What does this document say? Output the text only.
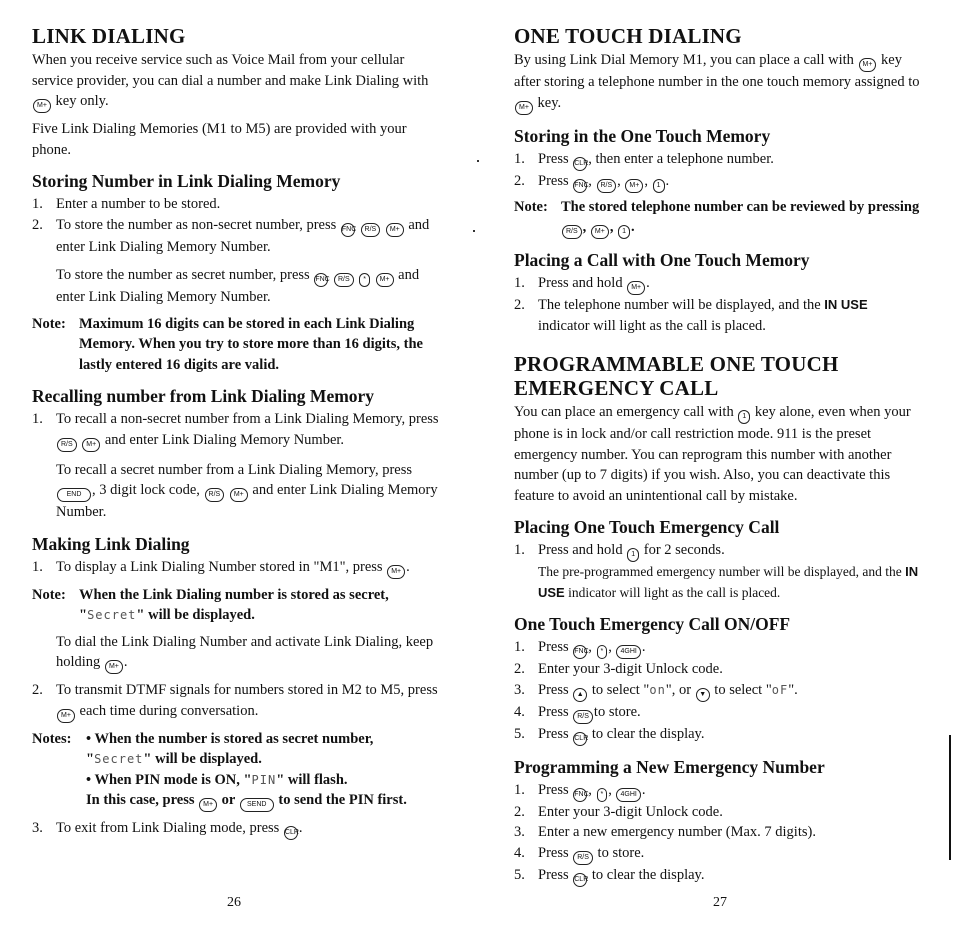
LINK DIALING

When you receive service such as Voice Mail from your cellular service provider, you can dial a number and make Link Dialing with M+ key only.

Five Link Dialing Memories (M1 to M5) are provided with your phone.

Storing Number in Link Dialing Memory
1. Enter a number to be stored.
2. To store the number as non-secret number, press FNC R/S M+ and enter Link Dialing Memory Number.

To store the number as secret number, press FNC R/S * M+ and enter Link Dialing Memory Number.

Note: Maximum 16 digits can be stored in each Link Dialing Memory. When you try to store more than 16 digits, the lastly entered 16 digits are valid.
Recalling number from Link Dialing Memory
1. To recall a non-secret number from a Link Dialing Memory, press R/S M+ and enter Link Dialing Memory Number.

To recall a secret number from a Link Dialing Memory, press END , 3 digit lock code, R/S M+ and enter Link Dialing Memory Number.

Making Link Dialing
1. To display a Link Dialing Number stored in "M1", press M+ .
Note: When the Link Dialing number is stored as secret, "Secret" will be displayed.

To dial the Link Dialing Number and activate Link Dialing, keep holding M+ .

2. To transmit DTMF signals for numbers stored in M2 to M5, press M+ each time during conversation.
Notes:	• When the number is stored as secret number, "Secret" will be displayed.
• When PIN mode is ON, "PIN" will flash.
In this case, press M+ or SEND to send the PIN first.
3. To exit from Link Dialing mode, press CLR.
ONE TOUCH DIALING

By using Link Dial Memory M1, you can place a call with M+ key after storing a telephone number in the one touch memory assigned to M+ key.

Storing in the One Touch Memory
1. Press CLR, then enter a telephone number.
2. Press FNC, R/S , M+ , 1 .
Note: The stored telephone number can be reviewed by pressing R/S , M+ , 1 .
Placing a Call with One Touch Memory
1. Press and hold M+ .
2. The telephone number will be displayed, and the IN USE indicator will light as the call is placed.
PROGRAMMABLE ONE TOUCH EMERGENCY CALL

You can place an emergency call with 1 key alone, even when your phone is in lock and/or call restriction mode. 911 is the preset emergency number. You can reprogram this number with another number (up to 7 digits) if you wish. Also, you can deactivate this feature to avoid an unintentional call by mistake.

Placing One Touch Emergency Call
1. Press and hold 1 for 2 seconds.
The pre-programmed emergency number will be displayed, and the IN USE indicator will light as the call is placed.
One Touch Emergency Call ON/OFF
1. Press FNC, * , 4GHI .
2. Enter your 3-digit Unlock code.
3. Press ▲ to select "on", or ▼ to select "oF".
4. Press R/S to store.
5. Press CLR to clear the display.
Programming a New Emergency Number
1. Press FNC, * , 4GHI .
2. Enter your 3-digit Unlock code.
3. Enter a new emergency number (Max. 7 digits).
4. Press R/S to store.
5. Press CLR to clear the display.
26	27
